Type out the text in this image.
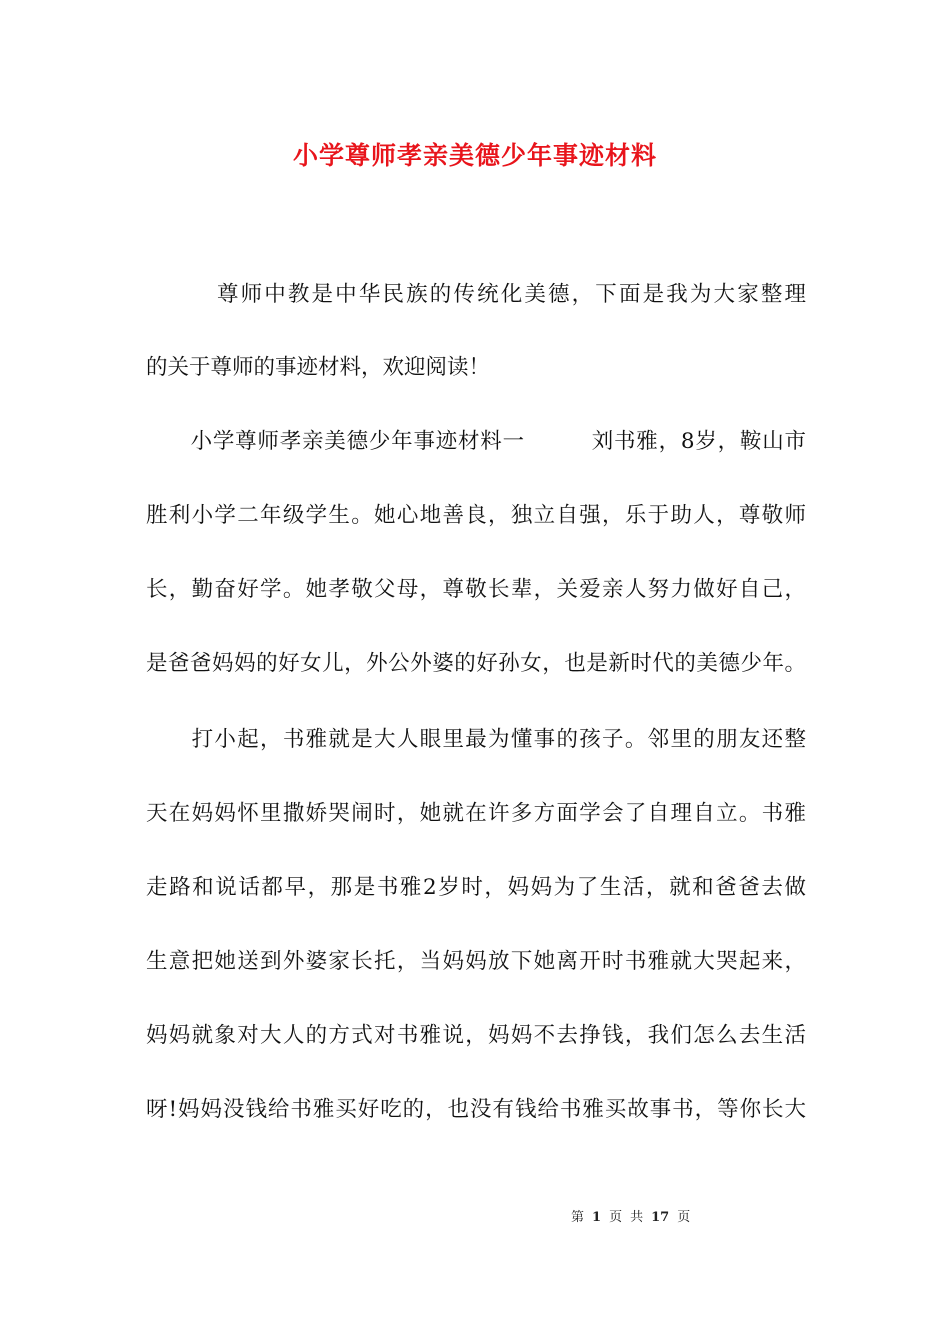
小学尊师孝亲美德少年事迹材料
　　　尊师中教是中华民族的传统化美德，下面是我为大家整理
的关于尊师的事迹材料，欢迎阅读！
　　小学尊师孝亲美德少年事迹材料一　　　刘书雅，8岁，鞍山市
胜利小学二年级学生。她心地善良，独立自强，乐于助人，尊敬师
长，勤奋好学。她孝敬父母，尊敬长辈，关爱亲人努力做好自己，
是爸爸妈妈的好女儿，外公外婆的好孙女，也是新时代的美德少年。
　　打小起，书雅就是大人眼里最为懂事的孩子。邻里的朋友还整
天在妈妈怀里撒娇哭闹时，她就在许多方面学会了自理自立。书雅
走路和说话都早，那是书雅2岁时，妈妈为了生活，就和爸爸去做
生意把她送到外婆家长托，当妈妈放下她离开时书雅就大哭起来，
妈妈就象对大人的方式对书雅说，妈妈不去挣钱，我们怎么去生活
呀!妈妈没钱给书雅买好吃的，也没有钱给书雅买故事书，等你长大
第 1 页 共 17 页
